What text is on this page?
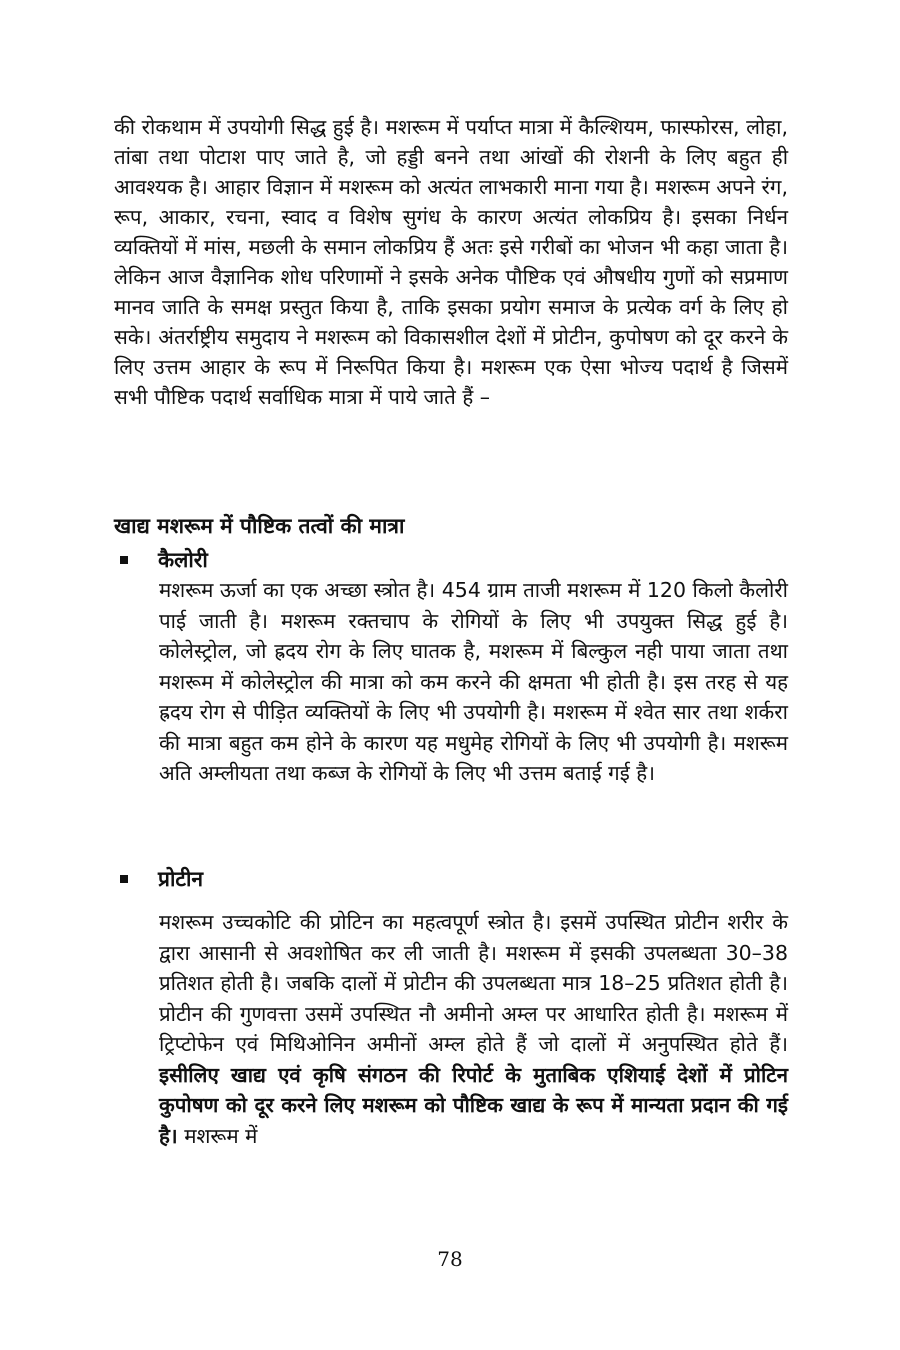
की रोकथाम में उपयोगी सिद्ध हुई है। मशरूम में पर्याप्त मात्रा में कैल्शियम, फास्फोरस, लोहा, तांबा तथा पोटाश पाए जाते है, जो हड्डी बनने तथा आंखों की रोशनी के लिए बहुत ही आवश्यक है। आहार विज्ञान में मशरूम को अत्यंत लाभकारी माना गया है। मशरूम अपने रंग, रूप, आकार, रचना, स्वाद व विशेष सुगंध के कारण अत्यंत लोकप्रिय है। इसका निर्धन व्यक्तियों में मांस, मछली के समान लोकप्रिय हैं अतः इसे गरीबों का भोजन भी कहा जाता है। लेकिन आज वैज्ञानिक शोध परिणामों ने इसके अनेक पौष्टिक एवं औषधीय गुणों को सप्रमाण मानव जाति के समक्ष प्रस्तुत किया है, ताकि इसका प्रयोग समाज के प्रत्येक वर्ग के लिए हो सके। अंतर्राष्ट्रीय समुदाय ने मशरूम को विकासशील देशों में प्रोटीन, कुपोषण को दूर करने के लिए उत्तम आहार के रूप में निरूपित किया है। मशरूम एक ऐसा भोज्य पदार्थ है जिसमें सभी पौष्टिक पदार्थ सर्वाधिक मात्रा में पाये जाते हैं –

खाद्य मशरूम में पौष्टिक तत्वों की मात्रा

कैलोरी

मशरूम ऊर्जा का एक अच्छा स्त्रोत है। 454 ग्राम ताजी मशरूम में 120 किलो कैलोरी पाई जाती है। मशरूम रक्तचाप के रोगियों के लिए भी उपयुक्त सिद्ध हुई है। कोलेस्ट्रोल, जो ह्रदय रोग के लिए घातक है, मशरूम में बिल्कुल नही पाया जाता तथा मशरूम में कोलेस्ट्रोल की मात्रा को कम करने की क्षमता भी होती है। इस तरह से यह ह्रदय रोग से पीड़ित व्यक्तियों के लिए भी उपयोगी है। मशरूम में श्वेत सार तथा शर्करा की मात्रा बहुत कम होने के कारण यह मधुमेह रोगियों के लिए भी उपयोगी है। मशरूम अति अम्लीयता तथा कब्ज के रोगियों के लिए भी उत्तम बताई गई है।

प्रोटीन

मशरूम उच्चकोटि की प्रोटिन का महत्वपूर्ण स्त्रोत है। इसमें उपस्थित प्रोटीन शरीर के द्वारा आसानी से अवशोषित कर ली जाती है। मशरूम में इसकी उपलब्धता 30–38 प्रतिशत होती है। जबकि दालों में प्रोटीन की उपलब्धता मात्र 18–25 प्रतिशत होती है। प्रोटीन की गुणवत्ता उसमें उपस्थित नौ अमीनो अम्ल पर आधारित होती है। मशरूम में ट्रिप्टोफेन एवं मिथिओनिन अमीनों अम्ल होते हैं जो दालों में अनुपस्थित होते हैं। इसीलिए खाद्य एवं कृषि संगठन की रिपोर्ट के मुताबिक एशियाई देशों में प्रोटिन कुपोषण को दूर करने लिए मशरूम को पौष्टिक खाद्य के रूप में मान्यता प्रदान की गई है। मशरूम में

78
